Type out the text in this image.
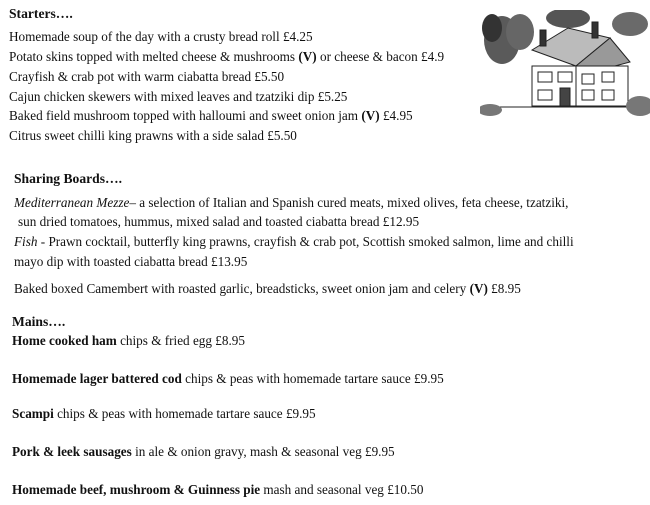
Starters….
Homemade soup of the day with a crusty bread roll £4.25
Potato skins topped with melted cheese & mushrooms (V) or cheese & bacon £4.9
Crayfish & crab pot with warm ciabatta bread £5.50
Cajun chicken skewers with mixed leaves and tzatziki dip £5.25
Baked field mushroom topped with halloumi and sweet onion jam (V) £4.95
Citrus sweet chilli king prawns with a side salad £5.50
Sharing Boards….
Mediterranean Mezze– a selection of Italian and Spanish cured meats, mixed olives, feta cheese, tzatziki,
sun dried tomatoes, hummus, mixed salad and toasted ciabatta bread £12.95
Fish - Prawn cocktail, butterfly king prawns, crayfish & crab pot, Scottish smoked salmon, lime and chilli
mayo dip with toasted ciabatta bread £13.95
Baked boxed Camembert with roasted garlic, breadsticks, sweet onion jam and celery (V) £8.95
Mains….
Home cooked ham chips & fried egg £8.95
Homemade lager battered cod chips & peas with homemade tartare sauce £9.95
Scampi chips & peas with homemade tartare sauce £9.95
Pork & leek sausages in ale & onion gravy, mash & seasonal veg £9.95
Homemade beef, mushroom & Guinness pie mash and seasonal veg £10.50
